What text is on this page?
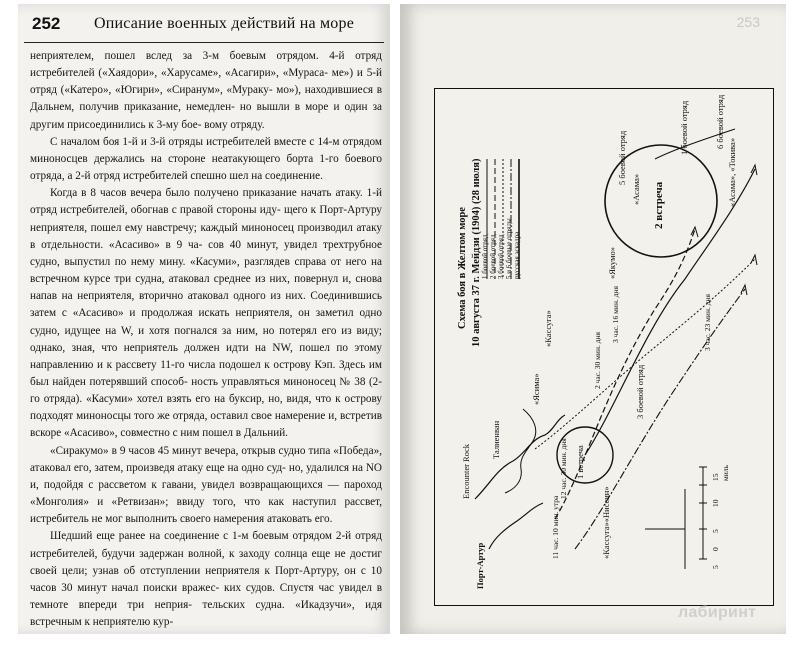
252 Описание военных действий на море

неприятелем, пошел вслед за 3-м боевым отрядом. 4-й отряд истребителей («Хаядори», «Харусаме», «Асагири», «Мураса- ме») и 5-й отряд («Катеро», «Югири», «Сиранум», «Мураку- мо»), находившиеся в Дальнем, получив приказание, немедлен- но вышли в море и один за другим присоединились к 3-му бое- вому отряду.

С началом боя 1-й и 3-й отряды истребителей вместе с 14-м отрядом миноносцев держались на стороне неатакующего борта 1-го боевого отряда, а 2-й отряд истребителей спешно шел на соединение.

Когда в 8 часов вечера было получено приказание начать атаку. 1-й отряд истребителей, обогнав с правой стороны иду- щего к Порт-Артуру неприятеля, пошел ему навстречу; каждый миноносец производил атаку в отдельности. «Асасиво» в 9 ча- сов 40 минут, увидел трехтрубное судно, выпустил по нему мину. «Касуми», разглядев справа от него на встречном курсе три судна, атаковал среднее из них, повернул и, снова напав на неприятеля, вторично атаковал одного из них. Соединившись затем с «Асасиво» и продолжая искать неприятеля, он заметил одно судно, идущее на W, и хотя погнался за ним, но потерял его из виду; однако, зная, что неприятель должен идти на NW, пошел по этому направлению и к рассвету 11-го числа подошел к острову Кэп. Здесь им был найден потерявший способ- ность управляться миноносец № 38 (2-го отряда). «Касуми» хотел взять его на буксир, но, видя, что к острову подходят миноносцы того же отряда, оставил свое намерение и, встретив вскоре «Асасиво», совместно с ним пошел в Дальний.

«Сиракумо» в 9 часов 45 минут вечера, открыв судно типа «Победа», атаковал его, затем, произведя атаку еще на одно суд- но, удалился на NO и, подойдя с рассветом к гавани, увидел возвращающихся — пароход «Монголия» и «Ретвизан»; ввиду того, что как наступил рассвет, истребитель не мог выполнить своего намерения атаковать его.

Шедший еще ранее на соединение с 1-м боевым отрядом 2-й отряд истребителей, будучи задержан волной, к заходу солнца еще не достиг своей цели; узнав об отступлении неприятеля к Порт-Артуру, он с 10 часов 30 минут начал поиски вражес- ких судов. Спустя час увидел в темноте впереди три неприя- тельских судна. «Икадзучи», идя встречным к неприятелю кур-

253
Схема боя в Желтом море 10 августа 37 г. Мейдзи (1904) (28 июля) 1 боевой отряд 2 боевой отряд 3 боевой отряд 5 и 6 боевые отряды русская эскадра
2 встреча
1 встреча
Порт-Артур
Encounter Rock
Талиенван
«Ясима»
«Кассуга»
«Якумо»
«Асама»	«Асама», «Токива»
«Кассуга»«Ниссин»
1 боевой отряд
3 боевой отряд
5 боевой отряд
6 боевой отряд
11 час. 10 мин. утра
12 час. 30 мин. дня
2 час. 30 мин. дня
3 час. 16 мин. дня	3 час. 23 мин. дня
5
0
5
10
15 миль
лабиринт
